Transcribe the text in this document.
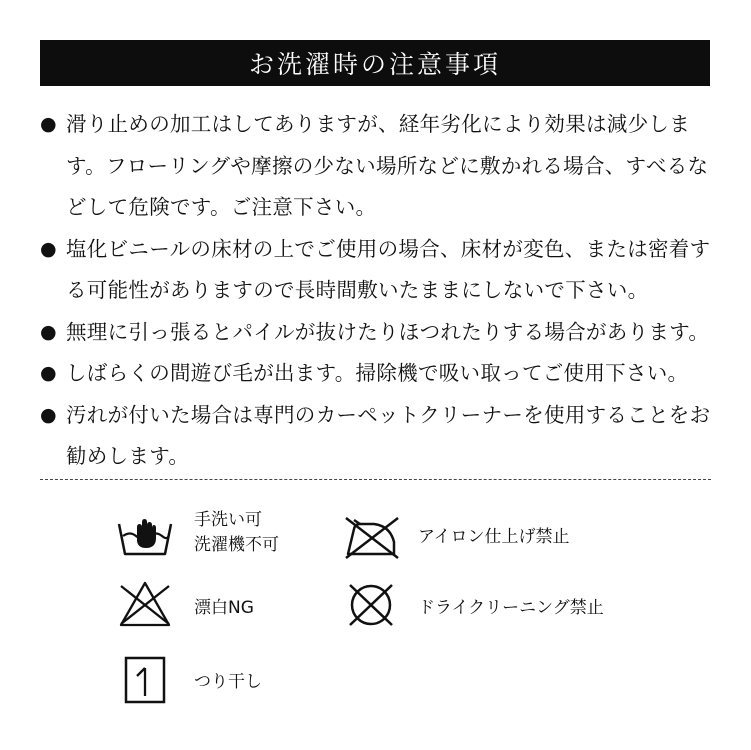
お洗濯時の注意事項
● 滑り止めの加工はしてありますが、経年劣化により効果は減少します。フローリングや摩擦の少ない場所などに敷かれる場合、すべるなどして危険です。ご注意下さい。
● 塩化ビニールの床材の上でご使用の場合、床材が変色、または密着する可能性がありますので長時間敷いたままにしないで下さい。
● 無理に引っ張るとパイルが抜けたりほつれたりする場合があります。
● しばらくの間遊び毛が出ます。掃除機で吸い取ってご使用下さい。
● 汚れが付いた場合は専門のカーペットクリーナーを使用することをお勧めします。
手洗い可
洗濯機不可	アイロン仕上げ禁止
漂白NG	ドライクリーニング禁止
つり干し
